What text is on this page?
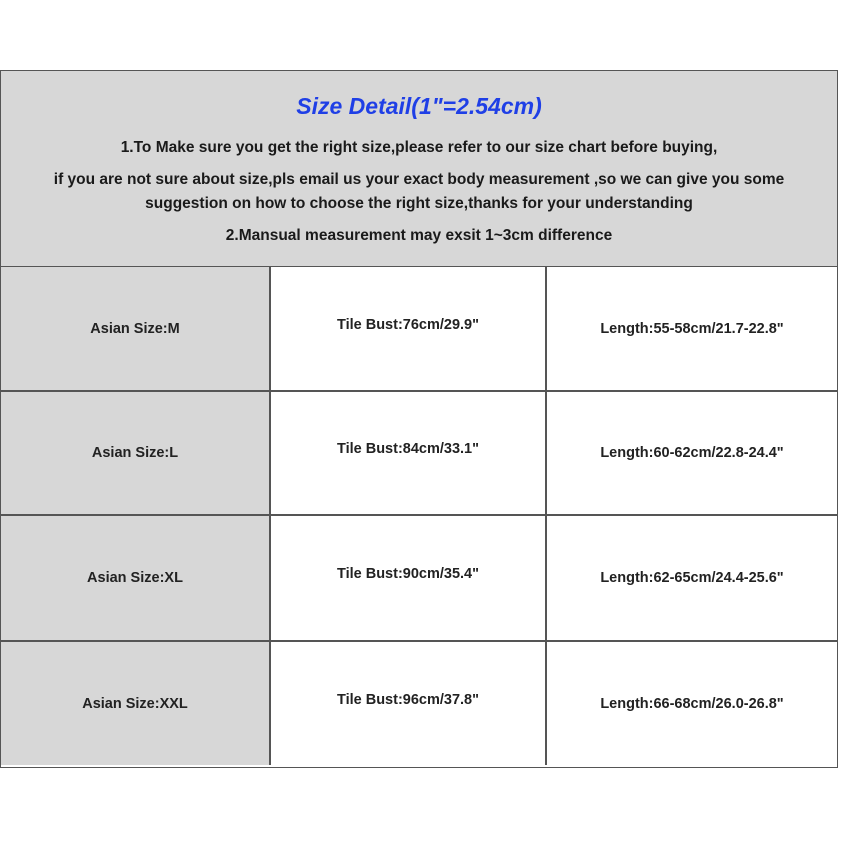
Size Detail(1"=2.54cm)
1.To Make sure you get the right size,please refer to our size chart before buying,
if you are not sure about size,pls email us your exact body measurement ,so we can give you some
suggestion on how to choose the right size,thanks for your understanding
2.Mansual measurement may exsit 1~3cm difference
Asian Size:M	Tile Bust:76cm/29.9"	Length:55-58cm/21.7-22.8"
Asian Size:L	Tile Bust:84cm/33.1"	Length:60-62cm/22.8-24.4"
Asian Size:XL	Tile Bust:90cm/35.4"	Length:62-65cm/24.4-25.6"
Asian Size:XXL	Tile Bust:96cm/37.8"	Length:66-68cm/26.0-26.8"
